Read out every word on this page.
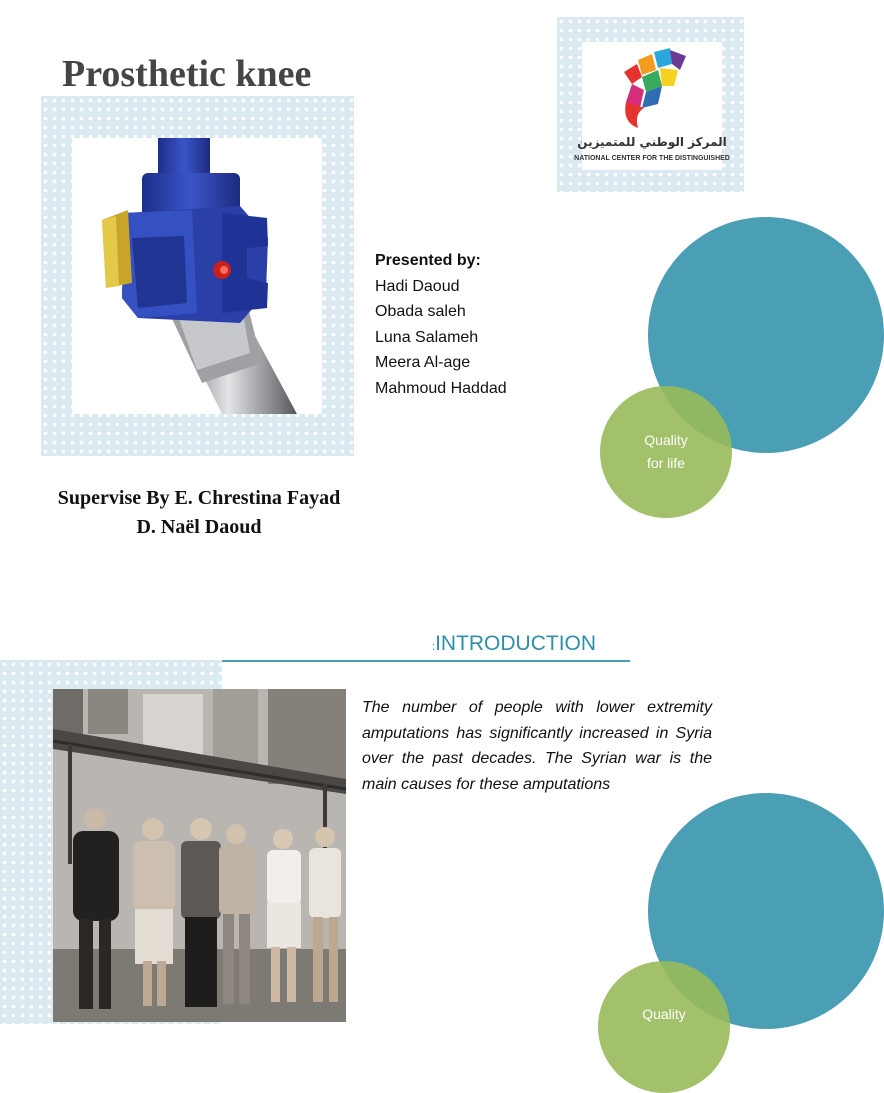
Prosthetic knee
المركز الوطني للمتميزين
NATIONAL CENTER FOR THE DISTINGUISHED
Presented by:
Hadi Daoud
Obada saleh
Luna Salameh
Meera Al-age
Mahmoud Haddad
Supervise By E. Chrestina Fayad
D. Naël Daoud
Quality
for life
:INTRODUCTION
The number of people with lower extremity amputations has significantly increased in Syria over the past decades. The Syrian war is the main causes for these amputations
Quality
